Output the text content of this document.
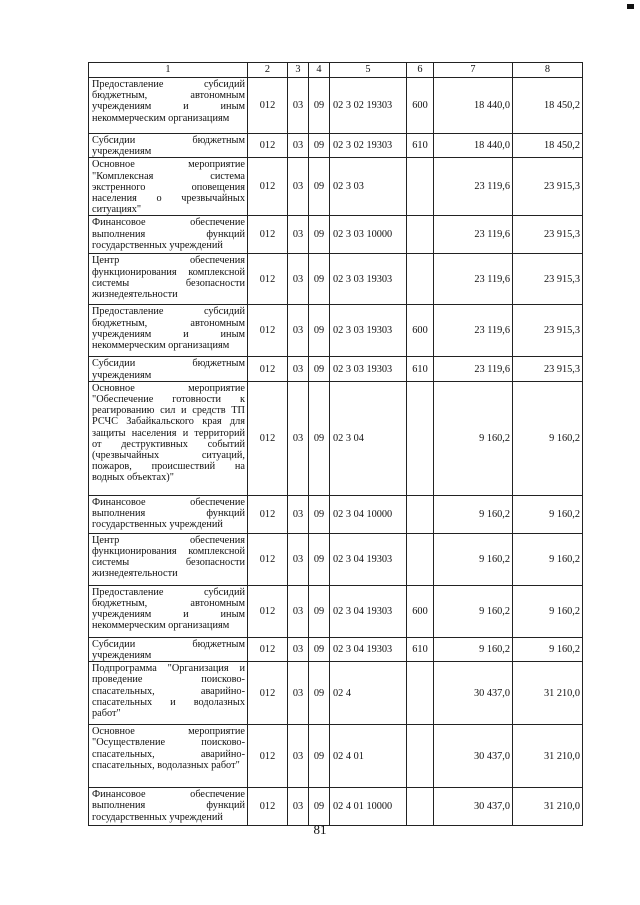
1	2	3	4	5	6	7	8
Предоставление субсидий бюджетным, автономным учреждениям и иным некоммерческим организациям	012	03	09	02 3 02 19303	600	18 440,0	18 450,2
Субсидии бюджетным учреждениям	012	03	09	02 3 02 19303	610	18 440,0	18 450,2
Основное мероприятие "Комплексная система экстренного оповещения населения о чрезвычайных ситуациях"	012	03	09	02 3 03		23 119,6	23 915,3
Финансовое обеспечение выполнения функций государственных учреждений	012	03	09	02 3 03 10000		23 119,6	23 915,3
Центр обеспечения функционирования комплексной системы безопасности жизнедеятельности	012	03	09	02 3 03 19303		23 119,6	23 915,3
Предоставление субсидий бюджетным, автономным учреждениям и иным некоммерческим организациям	012	03	09	02 3 03 19303	600	23 119,6	23 915,3
Субсидии бюджетным учреждениям	012	03	09	02 3 03 19303	610	23 119,6	23 915,3
Основное мероприятие "Обеспечение готовности к реагированию сил и средств ТП РСЧС Забайкальского края для защиты населения и территорий от деструктивных событий (чрезвычайных ситуаций, пожаров, происшествий на водных объектах)"	012	03	09	02 3 04		9 160,2	9 160,2
Финансовое обеспечение выполнения функций государственных учреждений	012	03	09	02 3 04 10000		9 160,2	9 160,2
Центр обеспечения функционирования комплексной системы безопасности жизнедеятельности	012	03	09	02 3 04 19303		9 160,2	9 160,2
Предоставление субсидий бюджетным, автономным учреждениям и иным некоммерческим организациям	012	03	09	02 3 04 19303	600	9 160,2	9 160,2
Субсидии бюджетным учреждениям	012	03	09	02 3 04 19303	610	9 160,2	9 160,2
Подпрограмма "Организация и проведение поисково-спасательных, аварийно-спасательных и водолазных работ"	012	03	09	02 4		30 437,0	31 210,0
Основное мероприятие "Осуществление поисково-спасательных, аварийно-спасательных, водолазных работ"	012	03	09	02 4 01		30 437,0	31 210,0
Финансовое обеспечение выполнения функций государственных учреждений	012	03	09	02 4 01 10000		30 437,0	31 210,0
81
